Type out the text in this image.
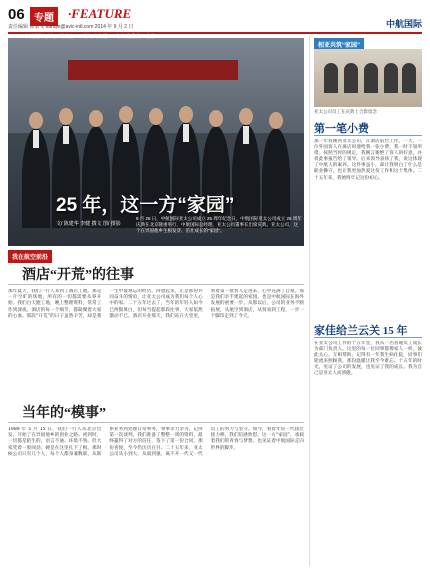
06 专题	·FEATURE
责任编辑 徐秉文 tianqin@avic-intl.com 2014 年 9 月 2 日	中航国际
25 年，这一方“家园”
文/ 陈建华 李健 撰文 图/ 摄影
9 月 26 日，中航国际亚太公司成立 25 周年纪念日。中航国际亚太公司成立 25 周年庆典在北京隆重举行，中航国际总经理、亚太公司董事长出席庆典。亚太公司，这个在异国他乡生根发芽、茁壮成长的“家园”。
中航国际亚太公司成立 25 周年庆典暨 25 年的优秀员工合影
相亚共筑“家园”
亚太公司员工在庆典上合影留念
第一笔小费
那一年我刚到亚太公司，在酒店前台工作。一天，一位外国客人在离店时递给我一张小费，我一时不知所措。按照当时的规定，我婉言谢绝了客人的好意，并将此事报告给了领导。后来领导表扬了我，说这体现了中航人的素养。这件事虽小，却让我明白了什么是职业操守，也让我更加热爱这份工作和这个集体。二十五年来，我始终牢记这份初心。
家佳给兰云关 15 年
在亚太公司工作的十五年里，我从一名普通员工成长为部门负责人。这里的每一位同事都像家人一样，彼此关心、互相帮助。记得有一年我生病住院，同事们轮流来照顾我，那份温暖让我至今难忘。十五年的时光，见证了公司的发展，也见证了我的成长。我为自己是亚太人而骄傲。
我在航空前沿
酒店“开荒”的往事
那年夏天，我们一行人来到了酒店工地。那是一片空旷的场地，所有的一切都需要从零开始。我们白天跑工地，晚上整理资料，常常工作到深夜。酒店的每一个细节，都凝聚着大家的心血。那段“开荒”的日子虽然辛苦，却是我一生中最难忘的经历。回想起来，正是那份共同奋斗的情谊，让亚太公司成为我们每个人心中的家。二十五年过去了，当年的年轻人如今已两鬓斑白，但每当提起那段往事，大家依然激动不已。酒店开业那天，我们站在大堂里，看着第一批客人走进来，心中充满了自豪。那是我们亲手建起的家园，也是中航国际在海外发展的重要一步。从那以后，公司的业务不断拓展，从航空到酒店，从贸易到工程，一步一个脚印走到了今天。
当年的“模事”
1989 年 5 月 15 日，我们一行人从北京出发，开始了在异国他乡的创业之路。初到时，一切都是陌生的，语言不通、环境不熟，但大家凭着一股闯劲，硬是在这里扎下了根。那时候公司只有几个人，每个人都身兼数职，从联系业务到处理日常事务，事事亲力亲为。记得第一次谈判，我们准备了整整一周的资料，最终赢得了对方的信任，签下了第一份合同。那份喜悦，至今仍历历在目。二十五年来，亚太公司从小到大、从弱到强，离不开一代又一代员工的努力与坚守。如今，看着年轻一代接过接力棒，我们倍感欣慰。这一方“家园”，承载着我们的青春与梦想，也见证着中航国际走向世界的脚步。
